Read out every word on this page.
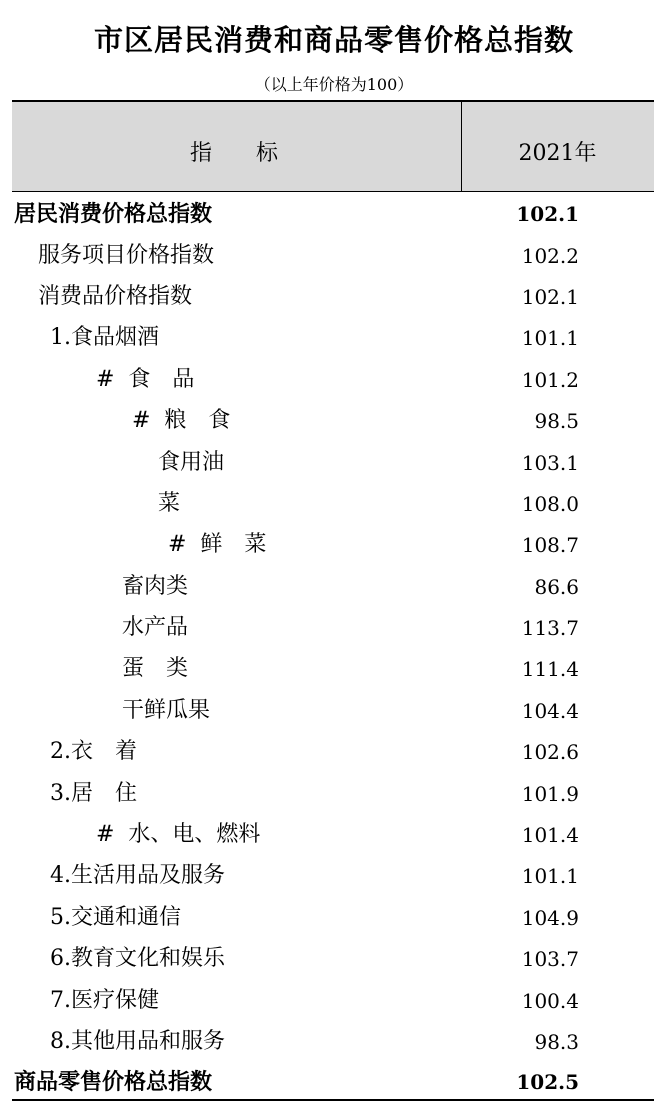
市区居民消费和商品零售价格总指数
（以上年价格为100）
指　　标	2021年
居民消费价格总指数	102.1
服务项目价格指数	102.2
消费品价格指数	102.1
1.食品烟酒	101.1
#  食　品	101.2
#  粮　食	98.5
食用油	103.1
菜	108.0
#  鲜　菜	108.7
畜肉类	86.6
水产品	113.7
蛋　类	111.4
干鲜瓜果	104.4
2.衣　着	102.6
3.居　住	101.9
#  水、电、燃料	101.4
4.生活用品及服务	101.1
5.交通和通信	104.9
6.教育文化和娱乐	103.7
7.医疗保健	100.4
8.其他用品和服务	98.3
商品零售价格总指数	102.5
